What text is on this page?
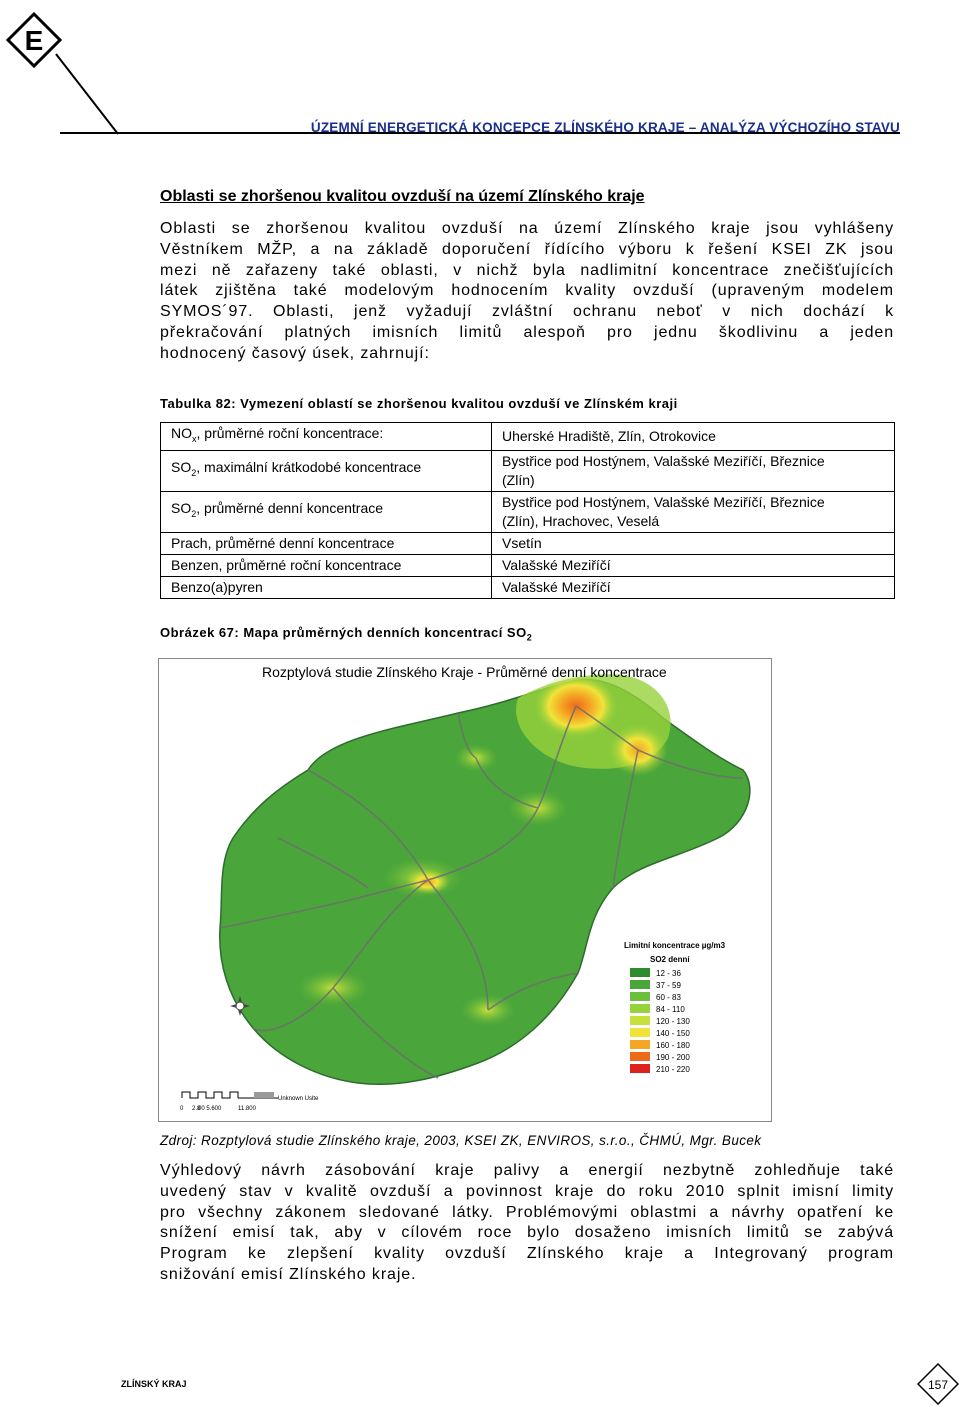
E
ÚZEMNÍ ENERGETICKÁ KONCEPCE ZLÍNSKÉHO KRAJE – ANALÝZA VÝCHOZÍHO STAVU
Oblasti se zhoršenou kvalitou ovzduší na území Zlínského kraje
Oblasti se zhoršenou kvalitou ovzduší na území Zlínského kraje jsou vyhlášeny
Věstníkem MŽP, a na základě doporučení řídícího výboru k řešení KSEI ZK jsou
mezi ně zařazeny také oblasti, v nichž byla nadlimitní koncentrace znečišťujících
látek zjištěna také modelovým hodnocením kvality ovzduší (upraveným modelem
SYMOS´97. Oblasti, jenž vyžadují zvláštní ochranu neboť v nich dochází k
překračování platných imisních limitů alespoň pro jednu škodlivinu a jeden
hodnocený časový úsek, zahrnují:
Tabulka 82: Vymezení oblastí se zhoršenou kvalitou ovzduší ve Zlínském kraji
$NO_x$, průměrné roční koncentrace:	Uherské Hradiště, Zlín, Otrokovice
$SO_2$, maximální krátkodobé koncentrace	Bystřice pod Hostýnem, Valašské Meziříčí, Březnice
(Zlín)
$SO_2$, průměrné denní koncentrace	Bystřice pod Hostýnem, Valašské Meziříčí, Březnice
(Zlín), Hrachovec, Veselá
Prach, průměrné denní koncentrace	Vsetín
Benzen, průměrné roční koncentrace	Valašské Meziříčí
Benzo(a)pyren	Valašské Meziříčí
Obrázek 67: Mapa průměrných denních koncentrací $SO_2$
Limitní koncentrace µg/m3
SO2 denní
12 - 36
37 - 59
60 - 83
84 - 110
120 - 130
140 - 150
160 - 180
190 - 200
210 - 220
0 2.8
00 5.600	11.800
Unknown Uslte
Rozptylová studie Zlínského Kraje - Průměrné denní koncentrace
Zdroj: Rozptylová studie Zlínského kraje, 2003, KSEI ZK, ENVIROS, s.r.o., ČHMÚ, Mgr. Bucek
Výhledový návrh zásobování kraje palivy a energií nezbytně zohledňuje také
uvedený stav v kvalitě ovzduší a povinnost kraje do roku 2010 splnit imisní limity
pro všechny zákonem sledované látky. Problémovými oblastmi a návrhy opatření ke
snížení emisí tak, aby v cílovém roce bylo dosaženo imisních limitů se zabývá
Program ke zlepšení kvality ovzduší Zlínského kraje a Integrovaný program
snižování emisí Zlínského kraje.
ZLÍNSKÝ KRAJ	157
